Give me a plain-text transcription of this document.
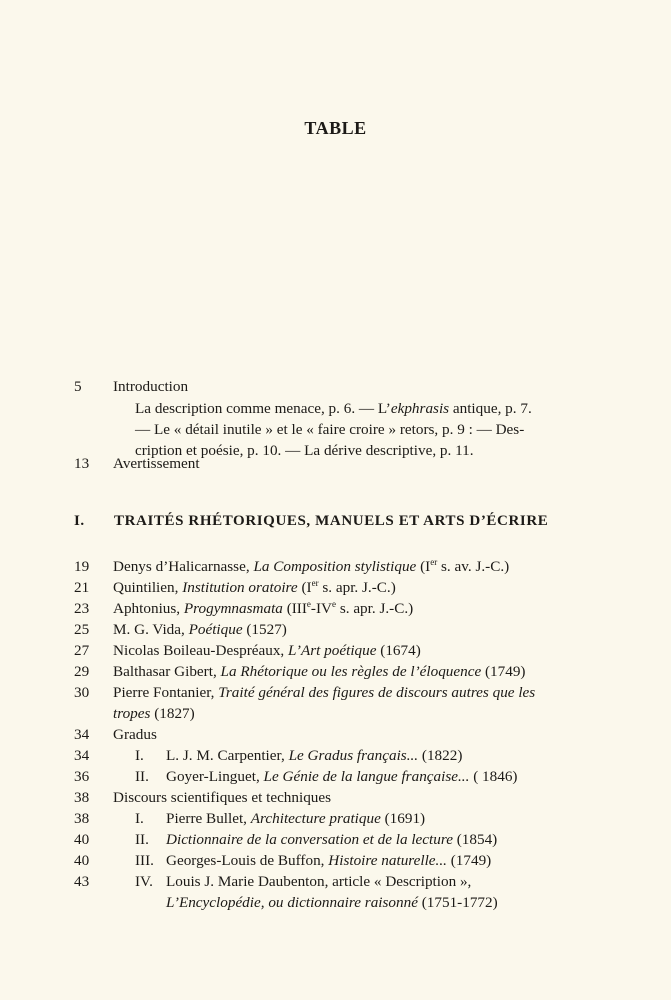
TABLE
5	Introduction
La description comme menace, p. 6. — L’ekphrasis antique, p. 7.
— Le « détail inutile » et le « faire croire » retors, p. 9 : — Des-
cription et poésie, p. 10. — La dérive descriptive, p. 11.
13	Avertissement
I. TRAITÉS RHÉTORIQUES, MANUELS ET ARTS D’ÉCRIRE
19	Denys d’Halicarnasse, La Composition stylistique (Ier s. av. J.-C.)
21	Quintilien, Institution oratoire (Ier s. apr. J.-C.)
23	Aphtonius, Progymnasmata (IIIe-IVe s. apr. J.-C.)
25	M. G. Vida, Poétique (1527)
27	Nicolas Boileau-Despréaux, L’Art poétique (1674)
29	Balthasar Gibert, La Rhétorique ou les règles de l’éloquence (1749)
30	Pierre Fontanier, Traité général des figures de discours autres que les
tropes (1827)
34	Gradus
34	I.	L. J. M. Carpentier, Le Gradus français... (1822)
36	II.	Goyer-Linguet, Le Génie de la langue française... ( 1846)
38	Discours scientifiques et techniques
38	I.	Pierre Bullet, Architecture pratique (1691)
40	II.	Dictionnaire de la conversation et de la lecture (1854)
40	III. Georges-Louis de Buffon, Histoire naturelle... (1749)
43	IV. Louis J. Marie Daubenton, article « Description »,
L’Encyclopédie, ou dictionnaire raisonné (1751-1772)
